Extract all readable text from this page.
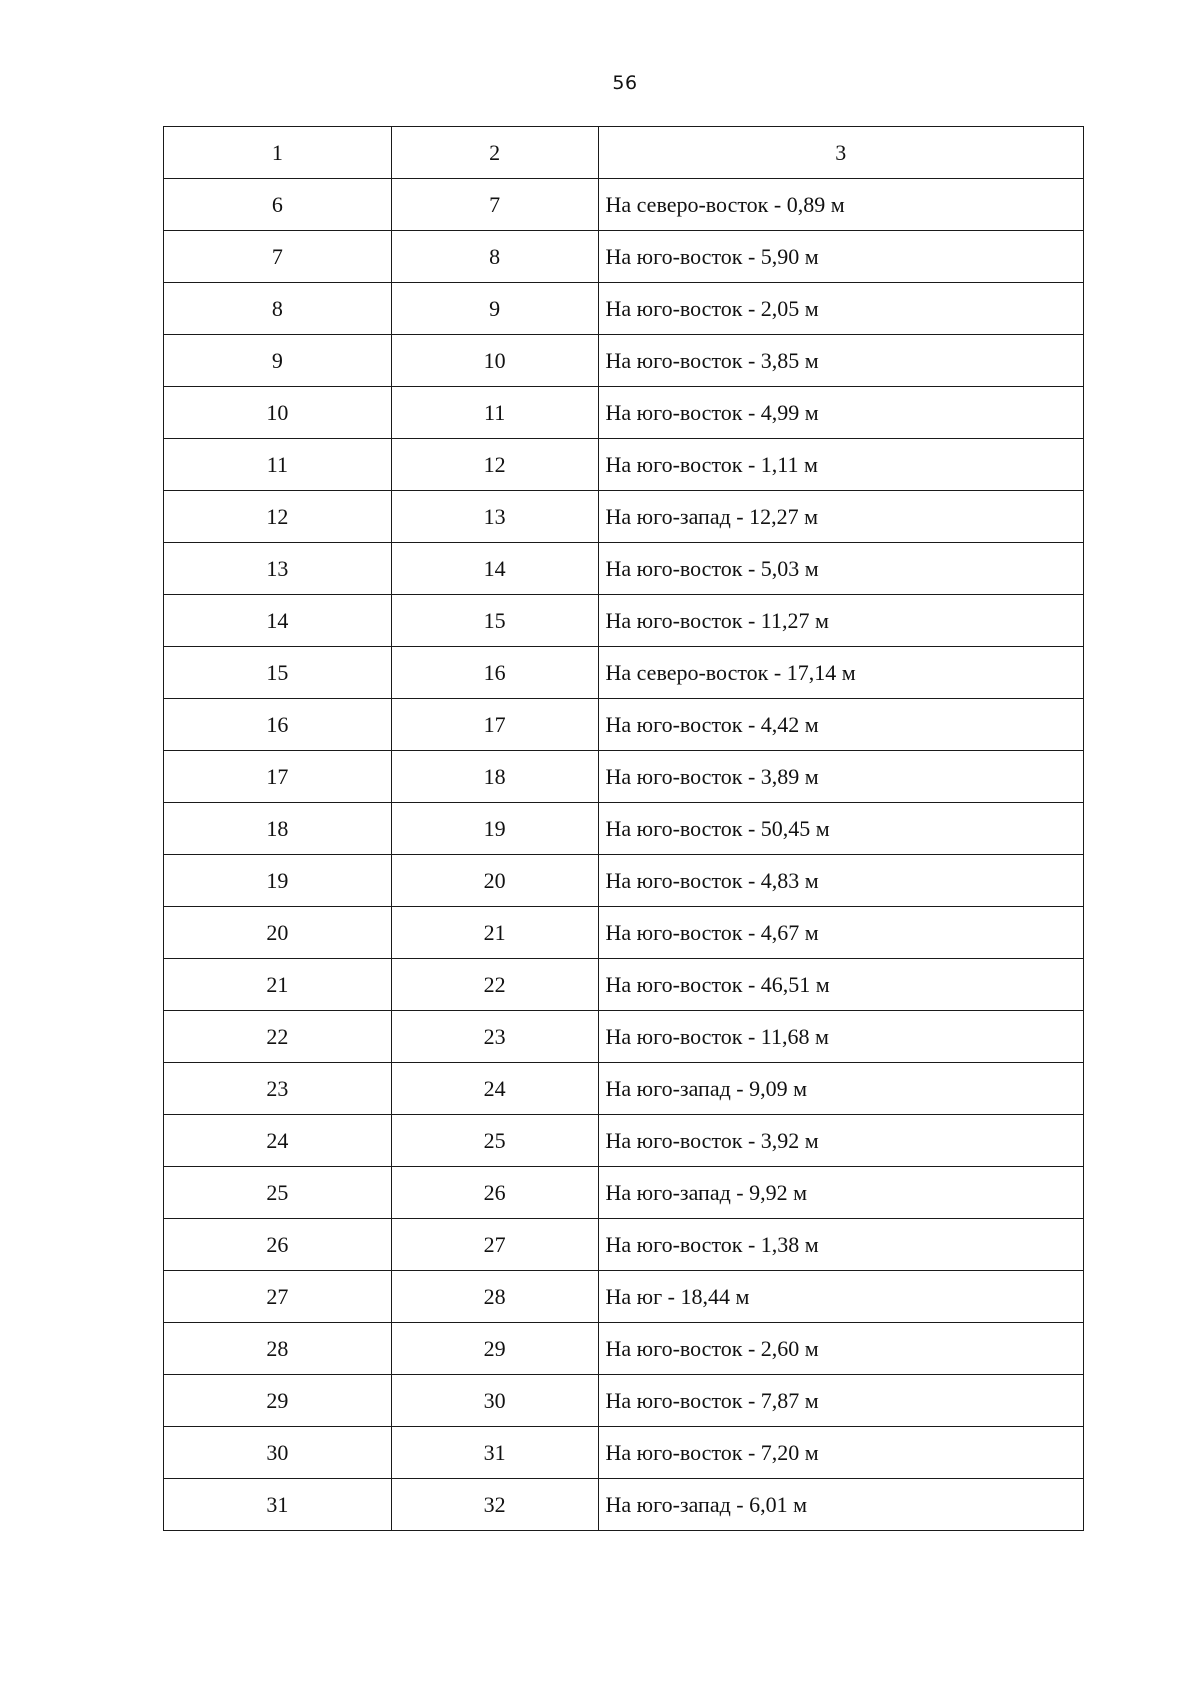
56
1	2	3
6	7	На северо-восток - 0,89 м
7	8	На юго-восток - 5,90 м
8	9	На юго-восток - 2,05 м
9	10	На юго-восток - 3,85 м
10	11	На юго-восток - 4,99 м
11	12	На юго-восток - 1,11 м
12	13	На юго-запад - 12,27 м
13	14	На юго-восток - 5,03 м
14	15	На юго-восток - 11,27 м
15	16	На северо-восток - 17,14 м
16	17	На юго-восток - 4,42 м
17	18	На юго-восток - 3,89 м
18	19	На юго-восток - 50,45 м
19	20	На юго-восток - 4,83 м
20	21	На юго-восток - 4,67 м
21	22	На юго-восток - 46,51 м
22	23	На юго-восток - 11,68 м
23	24	На юго-запад - 9,09 м
24	25	На юго-восток - 3,92 м
25	26	На юго-запад - 9,92 м
26	27	На юго-восток - 1,38 м
27	28	На юг - 18,44 м
28	29	На юго-восток - 2,60 м
29	30	На юго-восток - 7,87 м
30	31	На юго-восток - 7,20 м
31	32	На юго-запад - 6,01 м
